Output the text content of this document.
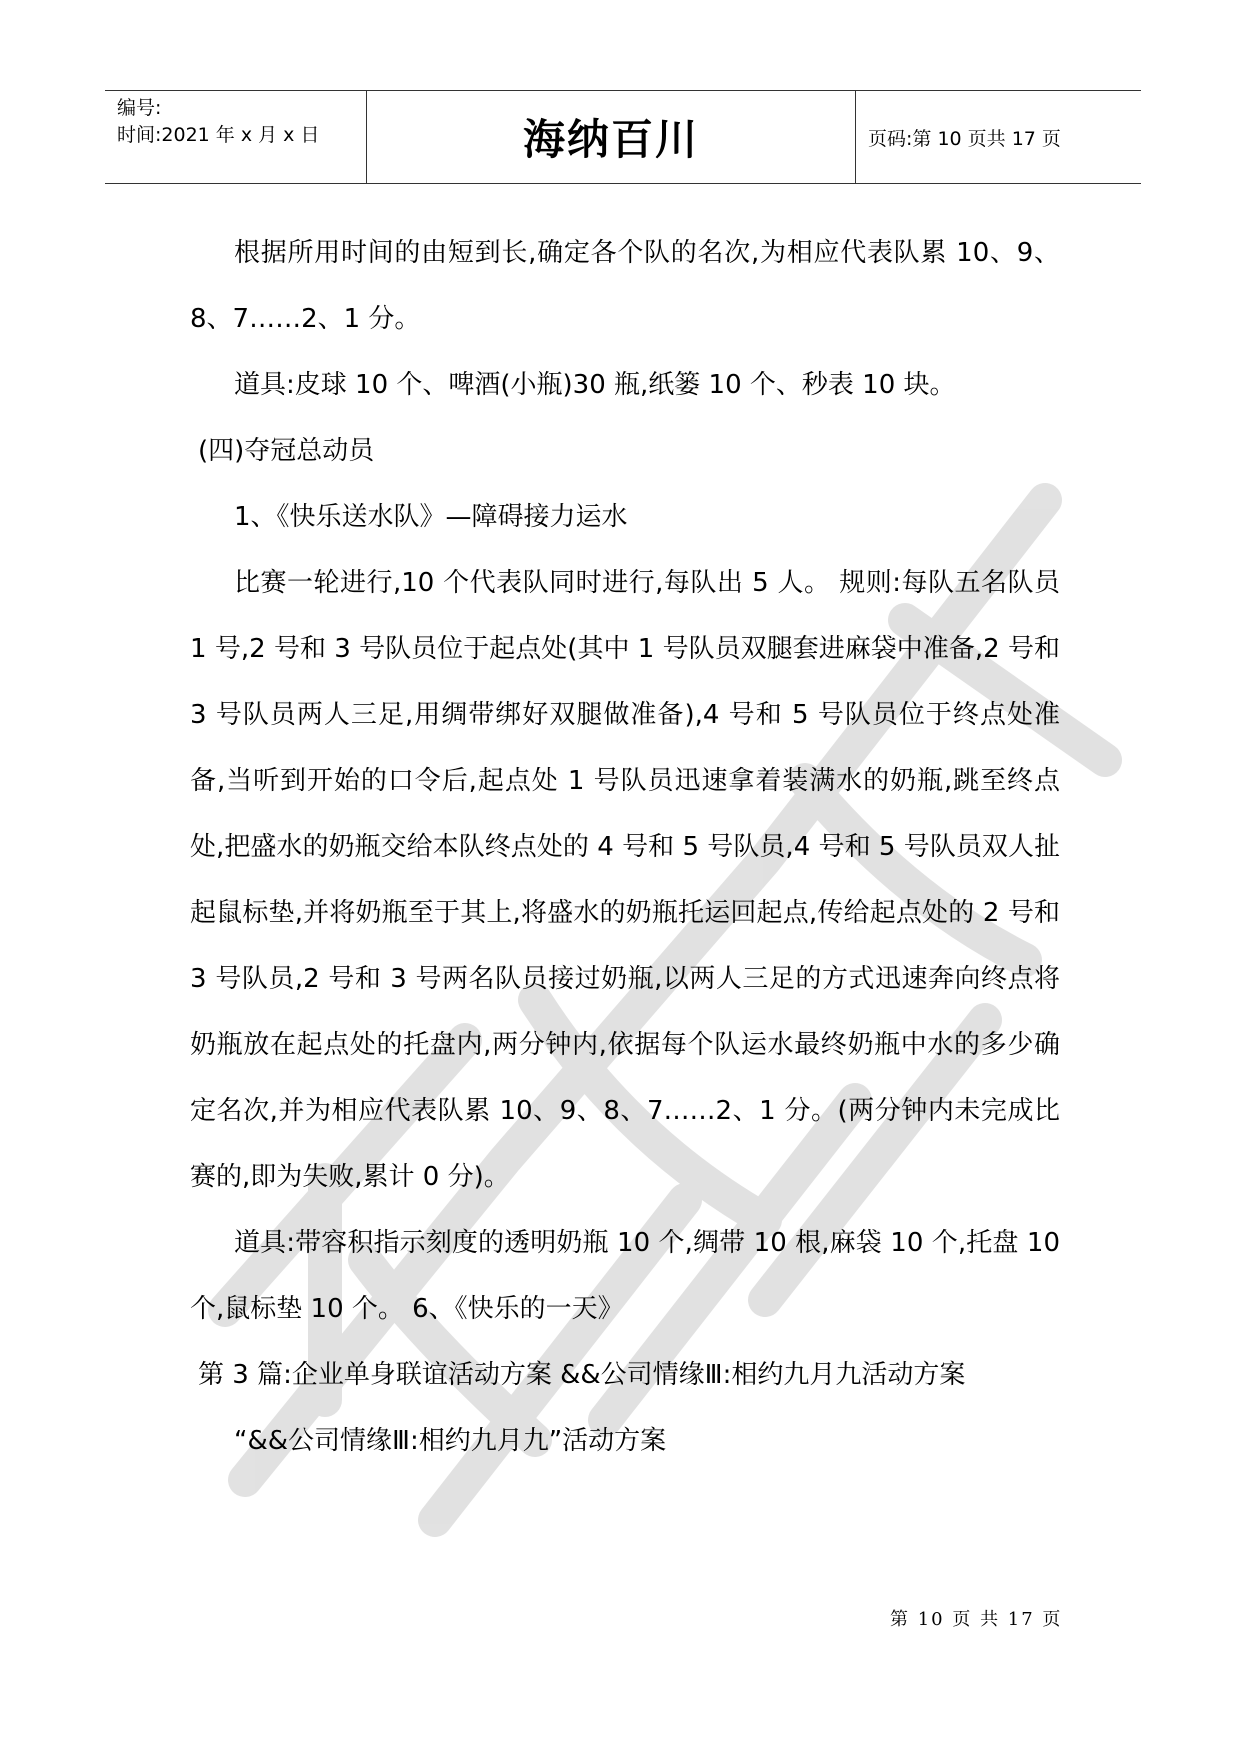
编号:
时间:2021 年 x 月 x 日	海纳百川	页码:第 10 页共 17 页

根据所用时间的由短到长,确定各个队的名次,为相应代表队累 10、9、8、7……2、1 分。

道具:皮球 10 个、啤酒(小瓶)30 瓶,纸篓 10 个、秒表 10 块。

(四)夺冠总动员

1、《快乐送水队》—障碍接力运水

比赛一轮进行,10 个代表队同时进行,每队出 5 人。 规则:每队五名队员 1 号,2 号和 3 号队员位于起点处(其中 1 号队员双腿套进麻袋中准备,2 号和 3 号队员两人三足,用绸带绑好双腿做准备),4 号和 5 号队员位于终点处准备,当听到开始的口令后,起点处 1 号队员迅速拿着装满水的奶瓶,跳至终点处,把盛水的奶瓶交给本队终点处的 4 号和 5 号队员,4 号和 5 号队员双人扯起鼠标垫,并将奶瓶至于其上,将盛水的奶瓶托运回起点,传给起点处的 2 号和 3 号队员,2 号和 3 号两名队员接过奶瓶,以两人三足的方式迅速奔向终点将奶瓶放在起点处的托盘内,两分钟内,依据每个队运水最终奶瓶中水的多少确定名次,并为相应代表队累 10、9、8、7……2、1 分。(两分钟内未完成比赛的,即为失败,累计 0 分)。

道具:带容积指示刻度的透明奶瓶 10 个,绸带 10 根,麻袋 10 个,托盘 10 个,鼠标垫 10 个。 6、《快乐的一天》

第 3 篇:企业单身联谊活动方案 &&公司情缘Ⅲ:相约九月九活动方案

“&&公司情缘Ⅲ:相约九月九”活动方案

第 10 页 共 17 页
